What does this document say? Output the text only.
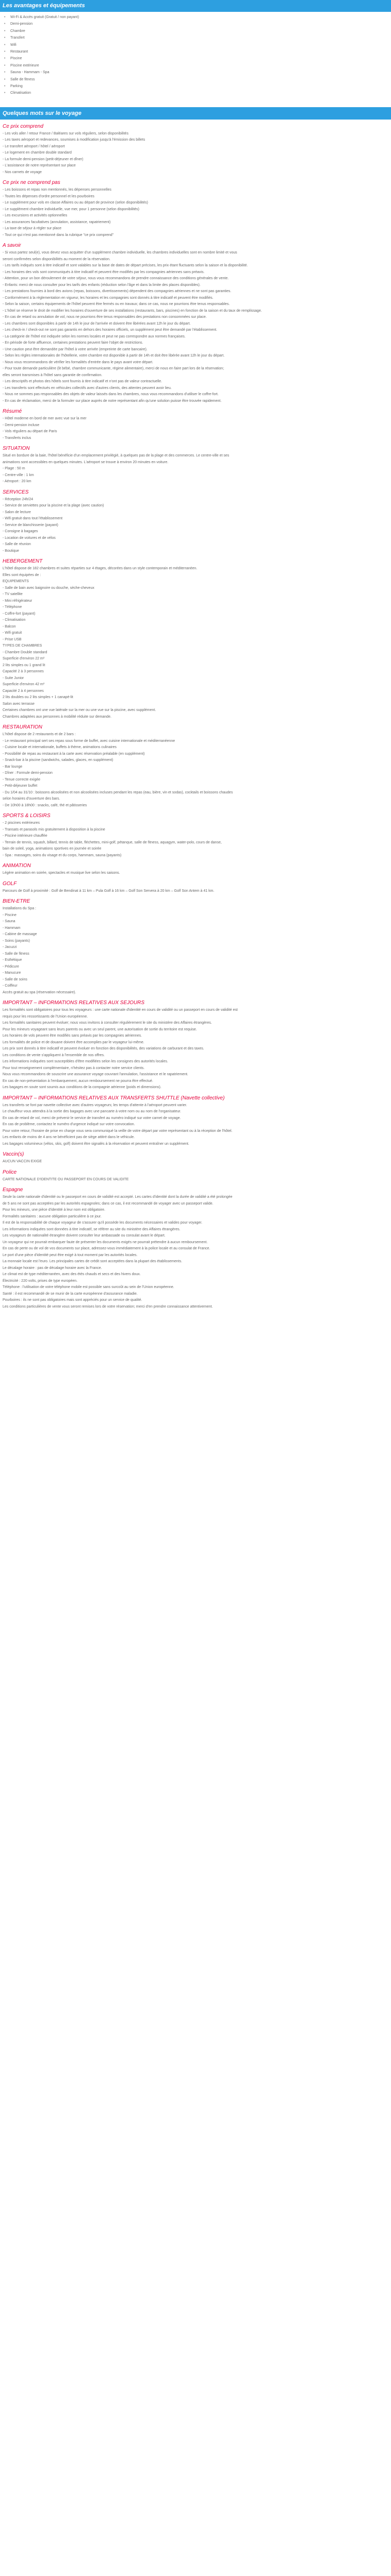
Les avantages et équipements
• Wi-Fi & Accès gratuit (Gratuit / non payant)
• Demi-pension
• Chambre
• Transfert
• Wifi
• Restaurant
• Piscine
• Piscine extérieure
• Sauna - Hammam - Spa
• Salle de fitness
• Parking
• Climatisation
Quelques mots sur le voyage

Ce prix comprend

- Les vols aller / retour France / Baléares sur vols réguliers, selon disponibilités

- Les taxes aéroport et redevances, soumises à modification jusqu'à l'émission des billets

- Le transfert aéroport / hôtel / aéroport

- Le logement en chambre double standard

- La formule demi-pension (petit-déjeuner et dîner)

- L'assistance de notre représentant sur place

- Nos carnets de voyage

Ce prix ne comprend pas

- Les boissons et repas non mentionnés, les dépenses personnelles

- Toutes les dépenses d'ordre personnel et les pourboires

- Le supplément pour vols en classe Affaires ou au départ de province (selon disponibilités)

- Le supplément chambre individuelle, vue mer, pour 1 personne (selon disponibilités)

- Les excursions et activités optionnelles

- Les assurances facultatives (annulation, assistance, rapatriement)

- La taxe de séjour à régler sur place

- Tout ce qui n'est pas mentionné dans la rubrique "ce prix comprend"

A savoir

- Si vous partez seul(e), vous devez vous acquitter d'un supplément chambre individuelle, les chambres individuelles sont en nombre limité et vous

seront confirmées selon disponibilités au moment de la réservation.

- Les tarifs indiqués sont à titre indicatif et sont valables sur la base de dates de départ précises, les prix étant fluctuants selon la saison et la disponibilité.

- Les horaires des vols sont communiqués à titre indicatif et peuvent être modifiés par les compagnies aériennes sans préavis.

- Attention, pour un bon déroulement de votre séjour, nous vous recommandons de prendre connaissance des conditions générales de vente.

- Enfants: merci de nous consulter pour les tarifs des enfants (réduction selon l'âge et dans la limite des places disponibles).

- Les prestations fournies à bord des avions (repas, boissons, divertissements) dépendent des compagnies aériennes et ne sont pas garanties.

- Conformément à la réglementation en vigueur, les horaires et les compagnies sont donnés à titre indicatif et peuvent être modifiés.

- Selon la saison, certains équipements de l'hôtel peuvent être fermés ou en travaux; dans ce cas, nous ne pourrions être tenus responsables.

- L'hôtel se réserve le droit de modifier les horaires d'ouverture de ses installations (restaurants, bars, piscines) en fonction de la saison et du taux de remplissage.

- En cas de retard ou annulation de vol, nous ne pourrions être tenus responsables des prestations non consommées sur place.

- Les chambres sont disponibles à partir de 14h le jour de l'arrivée et doivent être libérées avant 12h le jour du départ.

- Les check-in / check-out ne sont pas garantis en dehors des horaires officiels, un supplément peut être demandé par l'établissement.

- La catégorie de l'hôtel est indiquée selon les normes locales et peut ne pas correspondre aux normes françaises.

- En période de forte affluence, certaines prestations peuvent faire l'objet de restrictions.

- Une caution peut être demandée par l'hôtel à votre arrivée (empreinte de carte bancaire).

- Selon les règles internationales de l'hôtellerie, votre chambre est disponible à partir de 14h et doit être libérée avant 12h le jour du départ.

- Nous vous recommandons de vérifier les formalités d'entrée dans le pays avant votre départ.

- Pour toute demande particulière (lit bébé, chambre communicante, régime alimentaire), merci de nous en faire part lors de la réservation;

elles seront transmises à l'hôtel sans garantie de confirmation.

- Les descriptifs et photos des hôtels sont fournis à titre indicatif et n'ont pas de valeur contractuelle.

- Les transferts sont effectués en véhicules collectifs avec d'autres clients, des attentes peuvent avoir lieu.

- Nous ne sommes pas responsables des objets de valeur laissés dans les chambres, nous vous recommandons d'utiliser le coffre-fort.

- En cas de réclamation, merci de la formuler sur place auprès de notre représentant afin qu'une solution puisse être trouvée rapidement.

Résumé

- Hôtel moderne en bord de mer avec vue sur la mer

- Demi-pension incluse

- Vols réguliers au départ de Paris

- Transferts inclus

SITUATION

Situé en bordure de la baie, l'hôtel bénéficie d'un emplacement privilégié, à quelques pas de la plage et des commerces. Le centre-ville et ses

animations sont accessibles en quelques minutes. L'aéroport se trouve à environ 20 minutes en voiture.

- Plage : 50 m

- Centre-ville : 1 km

- Aéroport : 20 km

SERVICES

- Réception 24h/24

- Service de serviettes pour la piscine et la plage (avec caution)

- Salon de lecture

- Wifi gratuit dans tout l'établissement

- Service de blanchisserie (payant)

- Consigne à bagages

- Location de voitures et de vélos

- Salle de réunion

- Boutique

HEBERGEMENT

L'hôtel dispose de 182 chambres et suites réparties sur 4 étages, décorées dans un style contemporain et méditerranéen.

Elles sont équipées de :

EQUIPEMENTS

- Salle de bain avec baignoire ou douche, sèche-cheveux

- TV satellite

- Mini réfrigérateur

- Téléphone

- Coffre-fort (payant)

- Climatisation

- Balcon

- Wifi gratuit

- Prise USB

TYPES DE CHAMBRES

- Chambre Double standard

Superficie d'environ 22 m²

2 lits simples ou 1 grand lit

Capacité 2 à 3 personnes

- Suite Junior

Superficie d'environ 42 m²

Capacité 2 à 4 personnes

2 lits doubles ou 2 lits simples + 1 canapé-lit

Salon avec terrasse

Certaines chambres ont une vue latérale sur la mer ou une vue sur la piscine, avec supplément.

Chambres adaptées aux personnes à mobilité réduite sur demande.

RESTAURATION

L'hôtel dispose de 2 restaurants et de 2 bars :

- Le restaurant principal sert ses repas sous forme de buffet, avec cuisine internationale et méditerranéenne

- Cuisine locale et internationale, buffets à thème, animations culinaires

- Possibilité de repas au restaurant à la carte avec réservation préalable (en supplément)

- Snack-bar à la piscine (sandwichs, salades, glaces, en supplément)

- Bar lounge

- Dîner : Formule demi-pension

- Tenue correcte exigée

- Petit-déjeuner buffet

- Du 1/04 au 31/10 : boissons alcoolisées et non alcoolisées incluses pendant les repas (eau, bière, vin et sodas), cocktails et boissons chaudes

selon horaires d'ouverture des bars.

- De 10h00 à 18h00 : snacks, café, thé et pâtisseries

SPORTS & LOISIRS

- 2 piscines extérieures

- Transats et parasols mis gratuitement à disposition à la piscine

- Piscine intérieure chauffée

- Terrain de tennis, squash, billard, tennis de table, fléchettes, mini-golf, pétanque, salle de fitness, aquagym, water-polo, cours de danse,

bain de soleil, yoga, animations sportives en journée et soirée

- Spa : massages, soins du visage et du corps, hammam, sauna (payants)

ANIMATION

Légère animation en soirée, spectacles et musique live selon les saisons.

GOLF

Parcours de Golf à proximité : Golf de Bendinat à 11 km – Pula Golf à 16 km – Golf Son Servera à 20 km – Golf Son Antem à 41 km.

BIEN-ETRE

Installations du Spa :

- Piscine

- Sauna

- Hammam

- Cabine de massage

- Soins (payants)

- Jacuzzi

- Salle de fitness

- Esthétique

- Pédicure

- Manucure

- Salle de soins

- Coiffeur

Accès gratuit au spa (réservation nécessaire).

IMPORTANT – INFORMATIONS RELATIVES AUX SEJOURS

Les formalités sont obligatoires pour tous les voyageurs : une carte nationale d'identité en cours de validité ou un passeport en cours de validité est

requis pour les ressortissants de l'Union européenne.

Les formalités sanitaires peuvent évoluer; nous vous invitons à consulter régulièrement le site du ministère des Affaires étrangères.

Pour les mineurs voyageant sans leurs parents ou avec un seul parent, une autorisation de sortie du territoire est requise.

Les horaires de vols peuvent être modifiés sans préavis par les compagnies aériennes.

Les formalités de police et de douane doivent être accomplies par le voyageur lui-même.

Les prix sont donnés à titre indicatif et peuvent évoluer en fonction des disponibilités, des variations de carburant et des taxes.

Les conditions de vente s'appliquent à l'ensemble de nos offres.

Les informations indiquées sont susceptibles d'être modifiées selon les consignes des autorités locales.

Pour tout renseignement complémentaire, n'hésitez pas à contacter notre service clients.

Nous vous recommandons de souscrire une assurance voyage couvrant l'annulation, l'assistance et le rapatriement.

En cas de non-présentation à l'embarquement, aucun remboursement ne pourra être effectué.

Les bagages en soute sont soumis aux conditions de la compagnie aérienne (poids et dimensions).

IMPORTANT – INFORMATIONS RELATIVES AUX TRANSFERTS SHUTTLE (Navette collective)

Les transferts se font par navette collective avec d'autres voyageurs; les temps d'attente à l'aéroport peuvent varier.

Le chauffeur vous attendra à la sortie des bagages avec une pancarte à votre nom ou au nom de l'organisateur.

En cas de retard de vol, merci de prévenir le service de transfert au numéro indiqué sur votre carnet de voyage.

En cas de problème, contactez le numéro d'urgence indiqué sur votre convocation.

Pour votre retour, l'horaire de prise en charge vous sera communiqué la veille de votre départ par votre représentant ou à la réception de l'hôtel.

Les enfants de moins de 4 ans ne bénéficient pas de siège attitré dans le véhicule.

Les bagages volumineux (vélos, skis, golf) doivent être signalés à la réservation et peuvent entraîner un supplément.

Vaccin(s)

AUCUN VACCIN EXIGE

Police

CARTE NATIONALE D'IDENTITE OU PASSEPORT EN COURS DE VALIDITE

Espagne

Seule la carte nationale d'identité ou le passeport en cours de validité est accepté. Les cartes d'identité dont la durée de validité a été prolongée

de 5 ans ne sont pas acceptées par les autorités espagnoles; dans ce cas, il est recommandé de voyager avec un passeport valide.

Pour les mineurs, une pièce d'identité à leur nom est obligatoire.

Formalités sanitaires : aucune obligation particulière à ce jour.

Il est de la responsabilité de chaque voyageur de s'assurer qu'il possède les documents nécessaires et valides pour voyager.

Les informations indiquées sont données à titre indicatif, se référer au site du ministère des Affaires étrangères.

Les voyageurs de nationalité étrangère doivent consulter leur ambassade ou consulat avant le départ.

Un voyageur qui ne pourrait embarquer faute de présenter les documents exigés ne pourrait prétendre à aucun remboursement.

En cas de perte ou de vol de vos documents sur place, adressez-vous immédiatement à la police locale et au consulat de France.

Le port d'une pièce d'identité peut être exigé à tout moment par les autorités locales.

La monnaie locale est l'euro. Les principales cartes de crédit sont acceptées dans la plupart des établissements.

Le décalage horaire : pas de décalage horaire avec la France.

Le climat est de type méditerranéen, avec des étés chauds et secs et des hivers doux.

Électricité : 220 volts, prises de type européen.

Téléphone : l'utilisation de votre téléphone mobile est possible sans surcoût au sein de l'Union européenne.

Santé : il est recommandé de se munir de la carte européenne d'assurance maladie.

Pourboires : ils ne sont pas obligatoires mais sont appréciés pour un service de qualité.

Les conditions particulières de vente vous seront remises lors de votre réservation; merci d'en prendre connaissance attentivement.
